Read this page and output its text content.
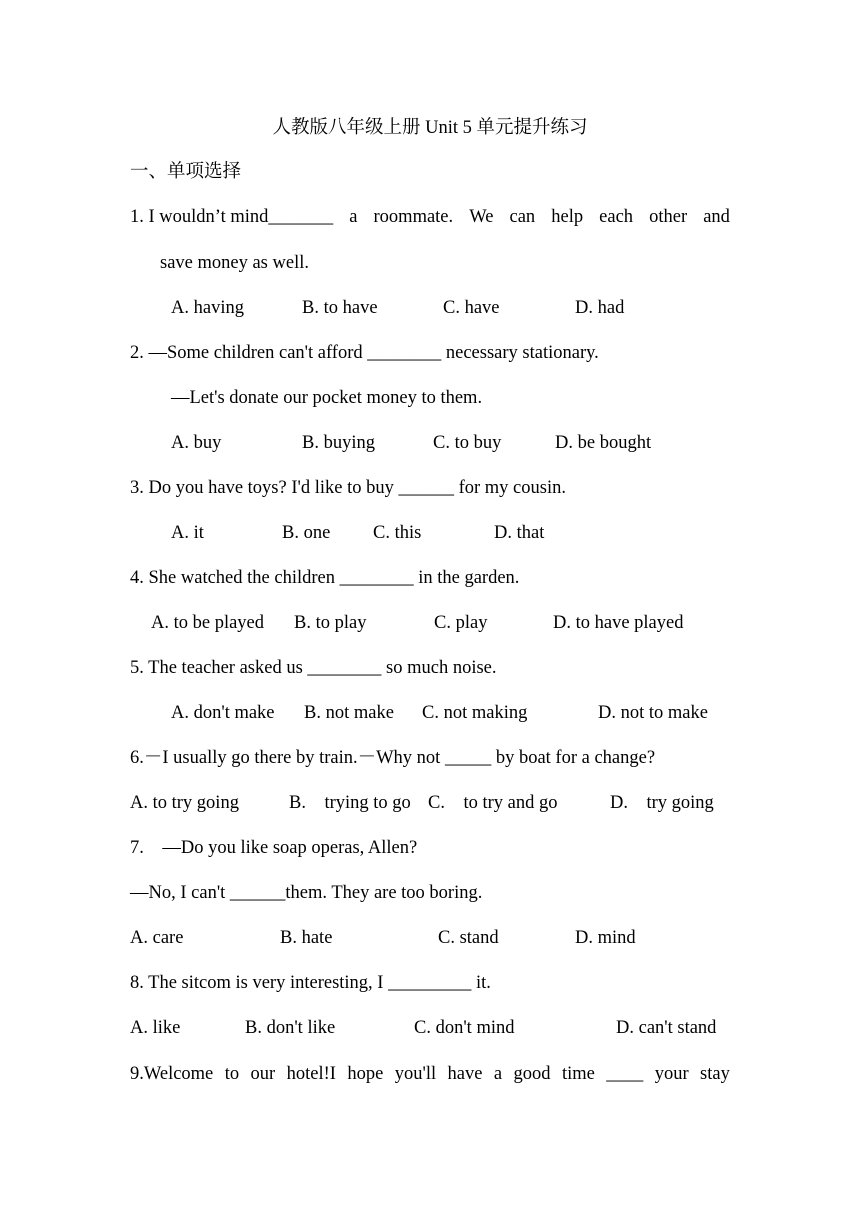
人教版八年级上册 Unit 5 单元提升练习
一、单项选择
1. I wouldn’t mind_______ a roommate. We can help each other and
save money as well.
A. having	B. to have	C. have	D. had
2. —Some children can't afford ________ necessary stationary.
—Let's donate our pocket money to them.
A. buy	B. buying	C. to buy	D. be bought
3. Do you have toys? I'd like to buy ______ for my cousin.
A. it	B. one C. this	D. that
4. She watched the children ________ in the garden.
A. to be played B. to play	C. play	D. to have played
5. The teacher asked us ________ so much noise.
A. don't make B. not make C. not making	D. not to make
6.－I usually go there by train.－Why not _____ by boat for a change?
A. to try going	B.    trying to go C.    to try and go	D.    try going
7.    —Do you like soap operas, Allen?
—No, I can't ______them. They are too boring.
A. care	B. hate	C. stand	D. mind
8. The sitcom is very interesting, I _________ it.
A. like	B. don't like	C. don't mind	D. can't stand
9.Welcome to our hotel!I hope you'll have a good time ____ your stay
